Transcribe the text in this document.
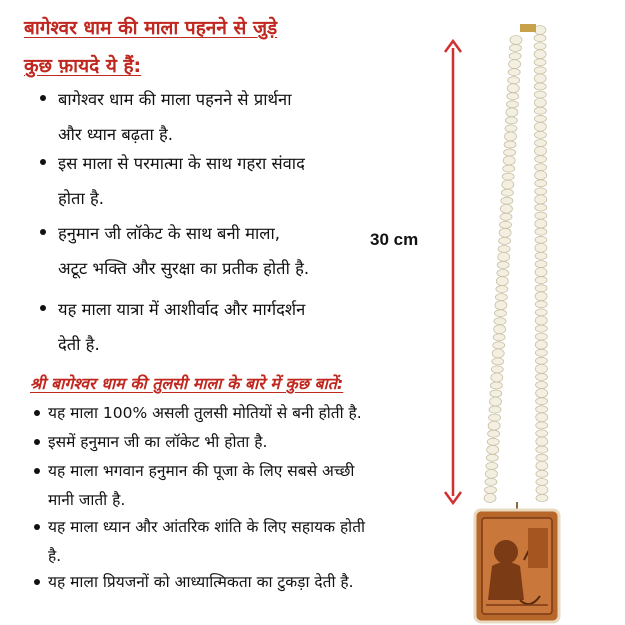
बागेश्वर धाम की माला पहनने से जुड़े
कुछ फ़ायदे ये हैं:
बागेश्वर धाम की माला पहनने से प्रार्थना
और ध्यान बढ़ता है.
इस माला से परमात्मा के साथ गहरा संवाद
होता है.
हनुमान जी लॉकेट के साथ बनी माला,
अटूट भक्ति और सुरक्षा का प्रतीक होती है.
यह माला यात्रा में आशीर्वाद और मार्गदर्शन
देती है.
श्री बागेश्वर धाम की तुलसी माला के बारे में कुछ बातें:
यह माला 100% असली तुलसी मोतियों से बनी होती है.
इसमें हनुमान जी का लॉकेट भी होता है.
यह माला भगवान हनुमान की पूजा के लिए सबसे अच्छी
मानी जाती है.
यह माला ध्यान और आंतरिक शांति के लिए सहायक होती
है.
यह माला प्रियजनों को आध्यात्मिकता का टुकड़ा देती है.
30 cm
